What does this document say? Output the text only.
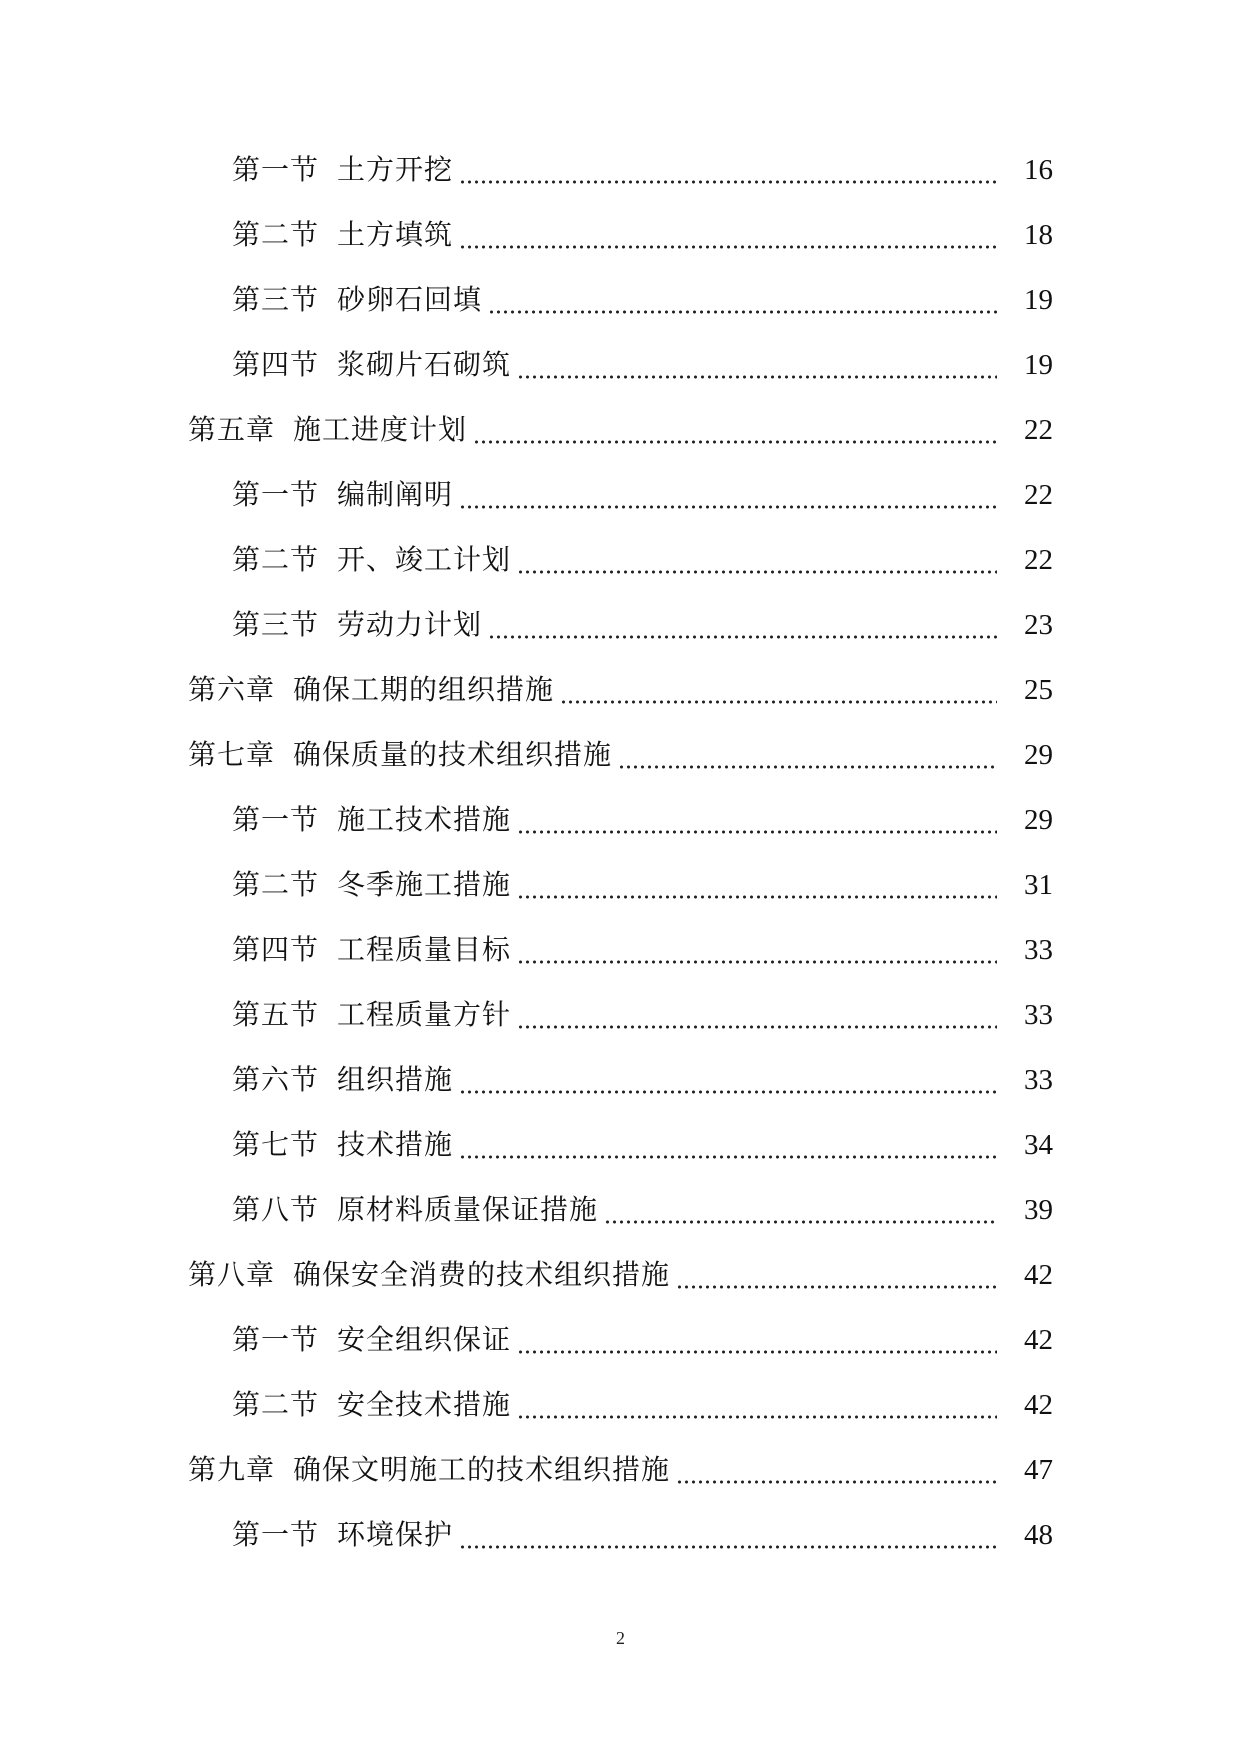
第一节 土方开挖	16
第二节 土方填筑	18
第三节 砂卵石回填	19
第四节 浆砌片石砌筑	19
第五章 施工进度计划	22
第一节 编制阐明	22
第二节 开、竣工计划	22
第三节 劳动力计划	23
第六章 确保工期的组织措施	25
第七章 确保质量的技术组织措施	29
第一节 施工技术措施	29
第二节 冬季施工措施	31
第四节 工程质量目标	33
第五节 工程质量方针	33
第六节 组织措施	33
第七节 技术措施	34
第八节 原材料质量保证措施	39
第八章 确保安全消费的技术组织措施	42
第一节 安全组织保证	42
第二节 安全技术措施	42
第九章 确保文明施工的技术组织措施	47
第一节 环境保护	48
2
